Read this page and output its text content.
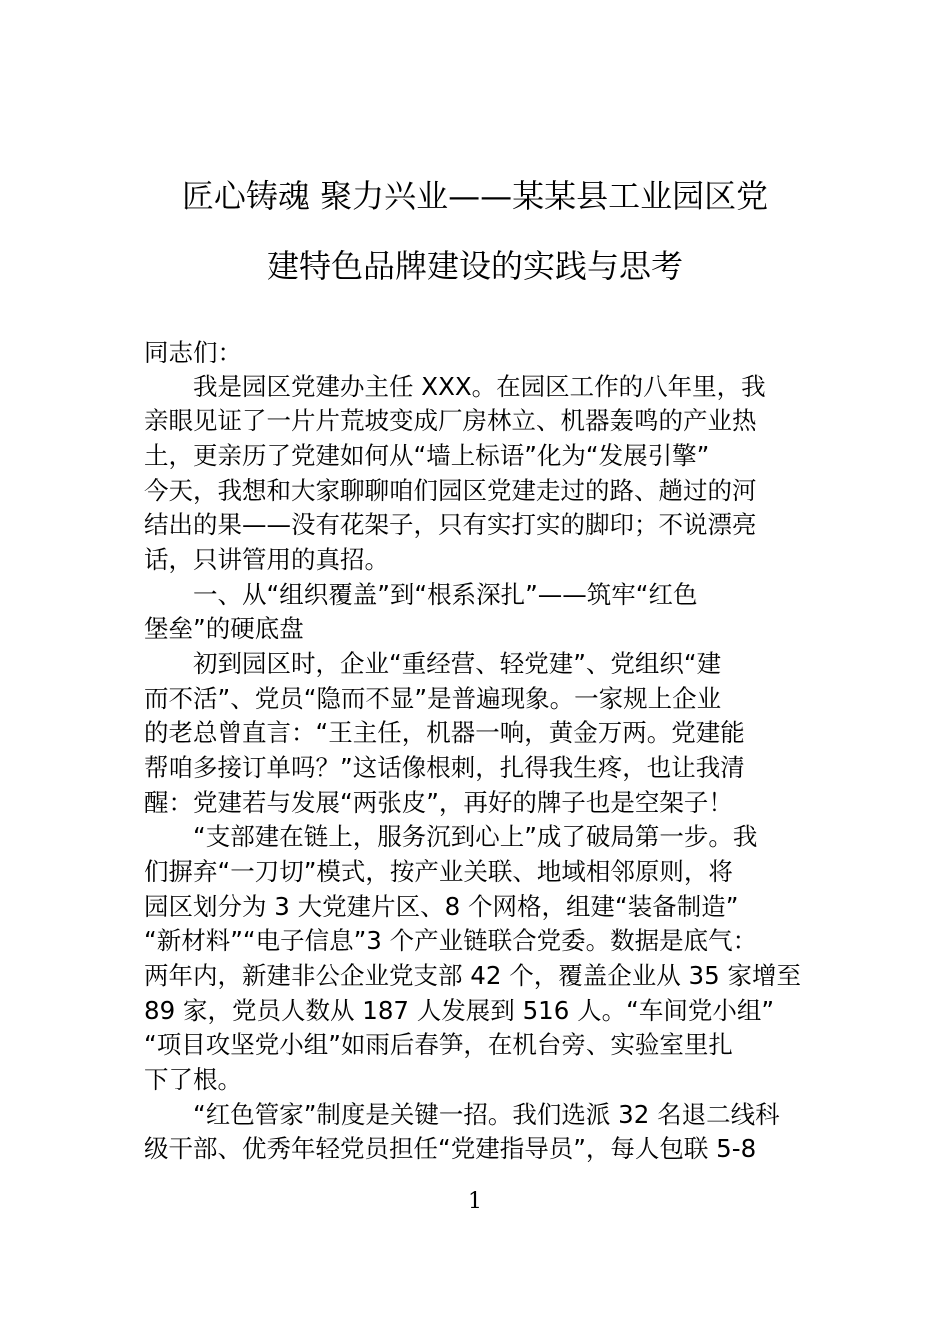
匠心铸魂 聚力兴业——某某县工业园区党
建特色品牌建设的实践与思考
同志们：
我是园区党建办主任 XXX。在园区工作的八年里，我
亲眼见证了一片片荒坡变成厂房林立、机器轰鸣的产业热
土，更亲历了党建如何从“墙上标语”化为“发展引擎”
今天，我想和大家聊聊咱们园区党建走过的路、趟过的河
结出的果——没有花架子，只有实打实的脚印；不说漂亮
话，只讲管用的真招。
一、从“组织覆盖”到“根系深扎”——筑牢“红色
堡垒”的硬底盘
初到园区时，企业“重经营、轻党建”、党组织“建
而不活”、党员“隐而不显”是普遍现象。一家规上企业
的老总曾直言：“王主任，机器一响，黄金万两。党建能
帮咱多接订单吗？”这话像根刺，扎得我生疼，也让我清
醒：党建若与发展“两张皮”，再好的牌子也是空架子！
“支部建在链上，服务沉到心上”成了破局第一步。我
们摒弃“一刀切”模式，按产业关联、地域相邻原则，将
园区划分为 3 大党建片区、8 个网格，组建“装备制造”
“新材料”“电子信息”3 个产业链联合党委。数据是底气：
两年内，新建非公企业党支部 42 个，覆盖企业从 35 家增至
89 家，党员人数从 187 人发展到 516 人。“车间党小组”
“项目攻坚党小组”如雨后春笋，在机台旁、实验室里扎
下了根。
“红色管家”制度是关键一招。我们选派 32 名退二线科
级干部、优秀年轻党员担任“党建指导员”，每人包联 5-8
1
